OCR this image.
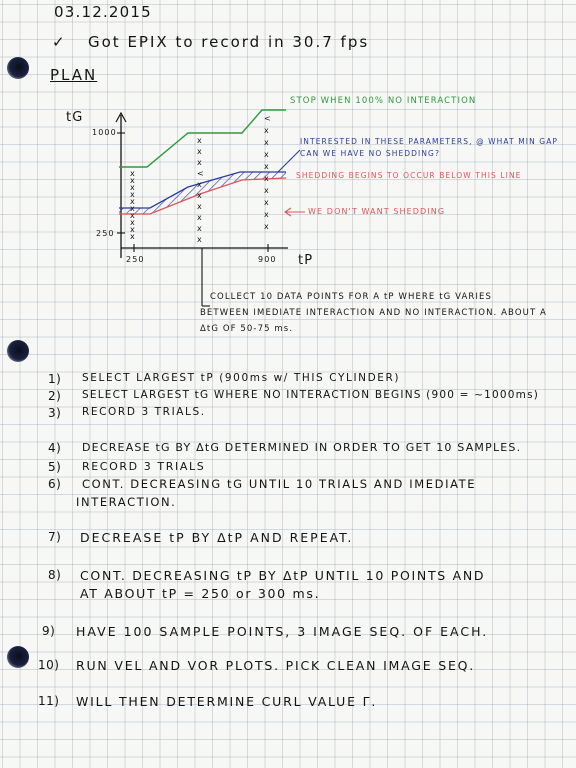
03.12.2015
✓ Got EPIX to record in 30.7 fps
PLAN
x
x
x
x
x
x
x
x
x
x
x
x
x
<
x
x
x
x
x
x
<
x
x
x
x
x
x
x
x
x
tG
tP
1000
250
250	900
STOP WHEN 100% NO INTERACTION
INTERESTED IN THESE PARAMETERS, @ WHAT MIN GAP
CAN WE HAVE NO SHEDDING?
SHEDDING BEGINS TO OCCUR BELOW THIS LINE
WE DON'T WANT SHEDDING
COLLECT 10 DATA POINTS FOR A tP WHERE tG VARIES
BETWEEN IMEDIATE INTERACTION AND NO INTERACTION. ABOUT A
ΔtG OF 50-75 ms.
1) SELECT LARGEST tP (900ms w/ THIS CYLINDER)
2) SELECT LARGEST tG WHERE NO INTERACTION BEGINS (900 = ~1000ms)
3) RECORD 3 TRIALS.
4) DECREASE tG BY ΔtG DETERMINED IN ORDER TO GET 10 SAMPLES.
5) RECORD 3 TRIALS
6) CONT. DECREASING tG UNTIL 10 TRIALS AND IMEDIATE
INTERACTION.
7) DECREASE tP BY ΔtP AND REPEAT.
8) CONT. DECREASING tP BY ΔtP UNTIL 10 POINTS AND
AT ABOUT tP = 250 or 300 ms.
9) HAVE 100 SAMPLE POINTS, 3 IMAGE SEQ. OF EACH.
10) RUN VEL AND VOR PLOTS. PICK CLEAN IMAGE SEQ.
11) WILL THEN DETERMINE CURL VALUE Γ.
